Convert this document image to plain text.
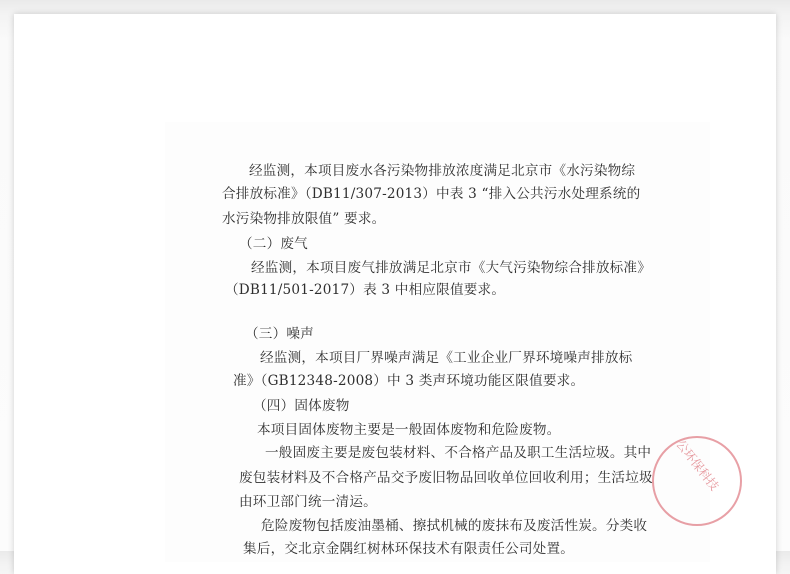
经监测，本项目废水各污染物排放浓度满足北京市《水污染物综

合排放标准》（DB11/307-2013）中表 3 “排入公共污水处理系统的

水污染物排放限值” 要求。

（二）废气

经监测，本项目废气排放满足北京市《大气污染物综合排放标准》

（DB11/501-2017）表 3 中相应限值要求。

（三）噪声

经监测，本项目厂界噪声满足《工业企业厂界环境噪声排放标

准》（GB12348-2008）中 3 类声环境功能区限值要求。

（四）固体废物

本项目固体废物主要是一般固体废物和危险废物。

一般固废主要是废包装材料、不合格产品及职工生活垃圾。其中

废包装材料及不合格产品交予废旧物品回收单位回收利用；生活垃圾

由环卫部门统一清运。

危险废物包括废油墨桶、擦拭机械的废抹布及废活性炭。分类收

集后，交北京金隅红树林环保技术有限责任公司处置。

公环保科技
